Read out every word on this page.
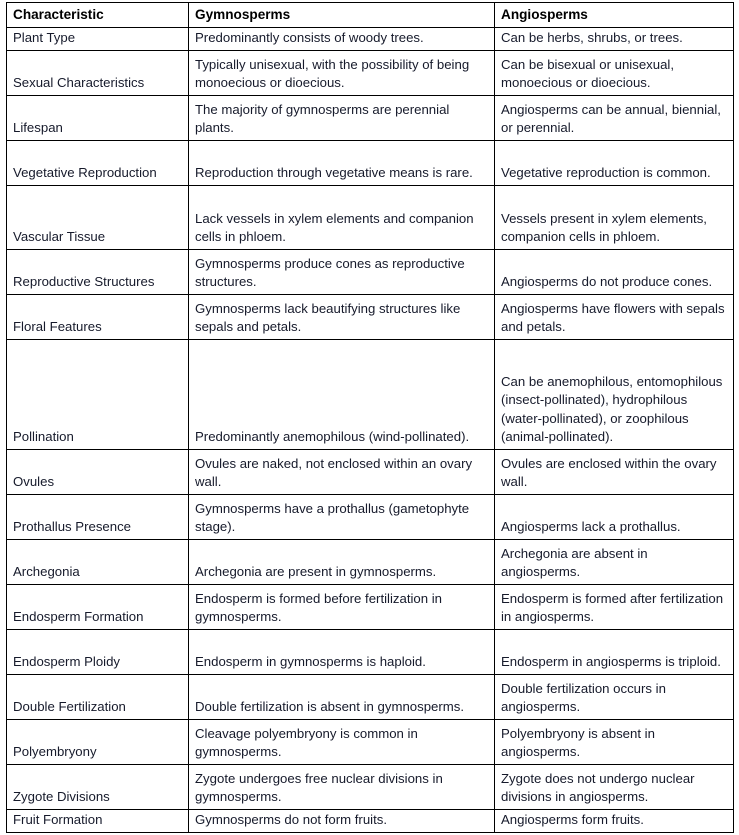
Characteristic	Gymnosperms	Angiosperms
Plant Type	Predominantly consists of woody trees.	Can be herbs, shrubs, or trees.
Sexual Characteristics	Typically unisexual, with the possibility of being monoecious or dioecious.	Can be bisexual or unisexual, monoecious or dioecious.
Lifespan	The majority of gymnosperms are perennial plants.	Angiosperms can be annual, biennial, or perennial.
Vegetative Reproduction	Reproduction through vegetative means is rare.	Vegetative reproduction is common.
Vascular Tissue	Lack vessels in xylem elements and companion cells in phloem.	Vessels present in xylem elements, companion cells in phloem.
Reproductive Structures	Gymnosperms produce cones as reproductive structures.	Angiosperms do not produce cones.
Floral Features	Gymnosperms lack beautifying structures like sepals and petals.	Angiosperms have flowers with sepals and petals.
Pollination	Predominantly anemophilous (wind-pollinated).	Can be anemophilous, entomophilous (insect-pollinated), hydrophilous (water-pollinated), or zoophilous (animal-pollinated).
Ovules	Ovules are naked, not enclosed within an ovary wall.	Ovules are enclosed within the ovary wall.
Prothallus Presence	Gymnosperms have a prothallus (gametophyte stage).	Angiosperms lack a prothallus.
Archegonia	Archegonia are present in gymnosperms.	Archegonia are absent in angiosperms.
Endosperm Formation	Endosperm is formed before fertilization in gymnosperms.	Endosperm is formed after fertilization in angiosperms.
Endosperm Ploidy	Endosperm in gymnosperms is haploid.	Endosperm in angiosperms is triploid.
Double Fertilization	Double fertilization is absent in gymnosperms.	Double fertilization occurs in angiosperms.
Polyembryony	Cleavage polyembryony is common in gymnosperms.	Polyembryony is absent in angiosperms.
Zygote Divisions	Zygote undergoes free nuclear divisions in gymnosperms.	Zygote does not undergo nuclear divisions in angiosperms.
Fruit Formation	Gymnosperms do not form fruits.	Angiosperms form fruits.
